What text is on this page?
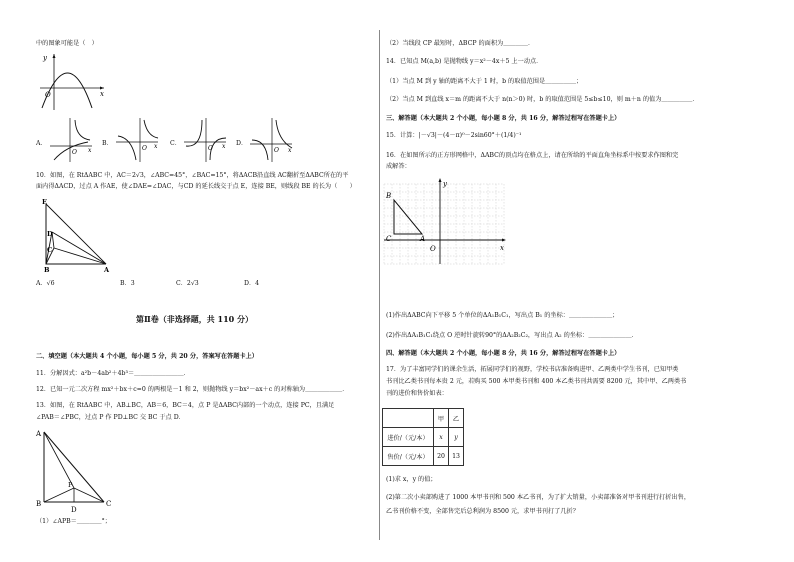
中的图象可能是（　）
y
O	x
A．
O x
B．
O x C．
O x D．
O x
10．如图，在 RtΔABC 中，AC＝2√3，∠ABC=45°，∠BAC=15°，将ΔACB沿直线 AC翻折至ΔABC所在的平
面内得ΔACD，过点 A 作AE，使∠DAE=∠DAC，与CD 的延长线交于点 E，连接 BE，则线段 BE 的长为（　　）
E
D
C
B	A
A．√6	B．3	C．2√3	D．4
第Ⅱ卷（非选择题，共 110 分）
二、填空题（本大题共 4 个小题，每小题 5 分，共 20 分，答案写在答题卡上）
11．分解因式：a²b－4ab²＋4b³＝＿＿＿＿＿＿＿＿．
12．已知一元二次方程 mx²＋bx＋c=0 的两根是－1 和 2，则抛物线 y＝bx²－ax＋c 的对称轴为＿＿＿＿＿＿．
13．如图，在 RtΔABC 中，AB⊥BC，AB＝6，BC＝4，点 P 是ΔABC内部的一个动点，连接 PC，且满足
∠PAB＝∠PBC，过点 P 作 PD⊥BC 交 BC 于点 D．
A
B	C
D
P
（1）∠APB＝＿＿＿＿°；
（2）当线段 CP 最短时，ΔBCP 的面积为＿＿＿＿．
14．已知点 M(a,b) 是抛物线 y＝x²－4x＋5 上一动点．
（1）当点 M 到 y 轴的距离不大于 1 时，b 的取值范围是＿＿＿＿＿；
（2）当点 M 到直线 x＝m 的距离不大于 n(n＞0) 时，b 的取值范围是 5≤b≤10，则 m＋n 的值为＿＿＿＿＿．
三、解答题（本大题共 2 个小题，每小题 8 分，共 16 分，解答过程写在答题卡上）
15．计算：|－√3|－(4－π)⁰－2sin60°＋(1/4)⁻¹
16．在如图所示的正方形网格中，ΔABC的顶点均在格点上，请在所给的平面直角坐标系中按要求作图和完
成解答：
B
C	A
O
y
x
(1)作出ΔABC向下平移 5 个单位的ΔA₁B₁C₁，写出点 B₁ 的坐标：＿＿＿＿＿＿＿；
(2)作出ΔA₁B₁C₁绕点 O 逆时针旋转90°的ΔA₂B₂C₂，写出点 A₂ 的坐标：＿＿＿＿＿＿＿．
四、解答题（本大题共 2 个小题，每小题 8 分，共 16 分，解答过程写在答题卡上）
17．为了丰富同学们的课余生活，拓展同学们的视野，学校书店准备购进甲、乙两类中学生书刊，已知甲类
书刊比乙类书刊每本贵 2 元，若购买 500 本甲类书刊和 400 本乙类书刊共需要 8200 元，其中甲、乙两类书
刊的进价和售价如表：
	甲	乙
进价/（元/本）	x	y
售价/（元/本）	20	13
(1)求 x，y 的值；
(2)第二次小卖部购进了 1000 本甲书刊和 500 本乙书刊，为了扩大销量，小卖部准备对甲书刊进行打折出售，
乙书刊价格不变，全部售完后总利润为 8500 元，求甲书刊打了几折？
